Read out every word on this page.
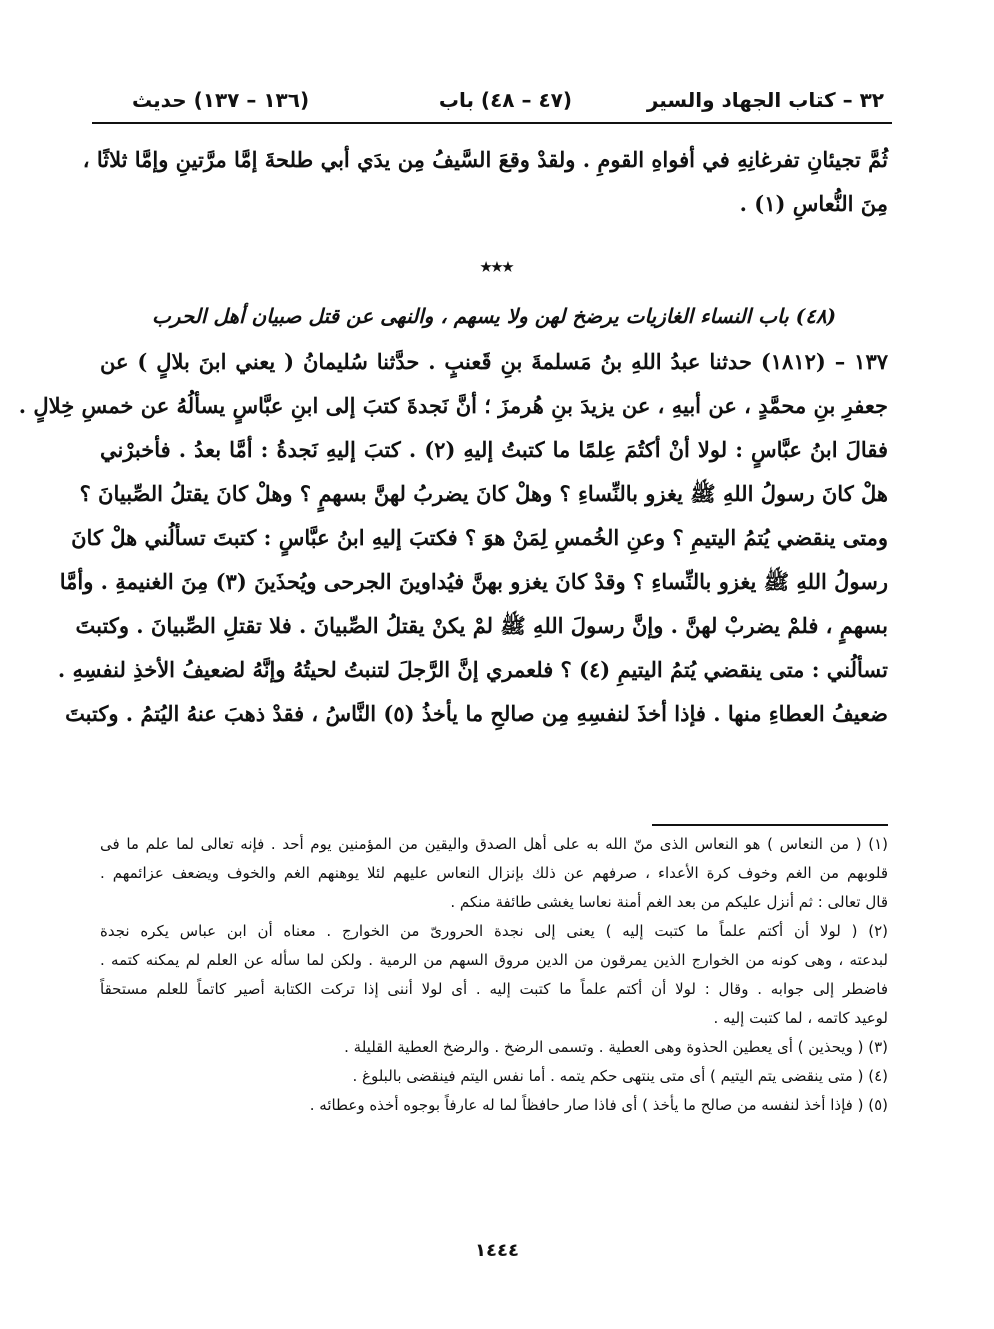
٣٢ – كتاب الجهاد والسير
(٤٧ – ٤٨) باب
(١٣٦ – ١٣٧) حديث
ثُمَّ تجيئانِ تفرغانِهِ في أفواهِ القومِ . ولقدْ وقعَ السَّيفُ مِن يدَي أبي طلحةَ إمَّا مرَّتينِ وإمَّا ثلاثًا ،
مِنَ النُّعاسِ (١) .
٭٭٭
(٤٨) باب النساء الغازيات يرضخ لهن ولا يسهم ، والنهى عن قتل صبيان أهل الحرب
١٣٧ – (١٨١٢) حدثنا عبدُ اللهِ بنُ مَسلمةَ بنِ قَعنبٍ . حدَّثنا سُليمانُ ( يعني ابنَ بلالٍ ) عن
جعفرِ بنِ محمَّدٍ ، عن أبيهِ ، عن يزيدَ بنِ هُرمزَ ؛ أنَّ نَجدةَ كتبَ إلى ابنِ عبَّاسٍ يسألُهُ عن خمسِ خِلالٍ .
فقالَ ابنُ عبَّاسٍ : لولا أنْ أكتُمَ عِلمًا ما كتبتُ إليهِ (٢) . كتبَ إليهِ نَجدةُ : أمَّا بعدُ . فأخبرْني
هلْ كانَ رسولُ اللهِ ﷺ يغزو بالنِّساءِ ؟ وهلْ كانَ يضربُ لهنَّ بسهمٍ ؟ وهلْ كانَ يقتلُ الصِّبيانَ ؟
ومتى ينقضي يُتمُ اليتيمِ ؟ وعنِ الخُمسِ لِمَنْ هوَ ؟ فكتبَ إليهِ ابنُ عبَّاسٍ : كتبتَ تسألُني هلْ كانَ
رسولُ اللهِ ﷺ يغزو بالنِّساءِ ؟ وقدْ كانَ يغزو بهنَّ فيُداوينَ الجرحى ويُحذَينَ (٣) مِنَ الغنيمةِ . وأمَّا
بسهمٍ ، فلمْ يضربْ لهنَّ . وإنَّ رسولَ اللهِ ﷺ لمْ يكنْ يقتلُ الصِّبيانَ . فلا تقتلِ الصِّبيانَ . وكتبتَ
تسألُني : متى ينقضي يُتمُ اليتيمِ (٤) ؟ فلعمري إنَّ الرَّجلَ لتنبتُ لحيتُهُ وإنَّهُ لضعيفُ الأخذِ لنفسِهِ .
ضعيفُ العطاءِ منها . فإذا أخذَ لنفسِهِ مِن صالحِ ما يأخذُ (٥) النَّاسُ ، فقدْ ذهبَ عنهُ اليُتمُ . وكتبتَ
(١) ( من النعاس ) هو النعاس الذى منّ الله به على أهل الصدق واليقين من المؤمنين يوم أحد . فإنه تعالى لما علم ما فى
قلوبهم من الغم وخوف كرة الأعداء ، صرفهم عن ذلك بإنزال النعاس عليهم لئلا يوهنهم الغم والخوف ويضعف عزائمهم .
قال تعالى : ثم أنزل عليكم من بعد الغم أمنة نعاسا يغشى طائفة منكم .
(٢) ( لولا أن أكتم علماً ما كتبت إليه ) يعنى إلى نجدة الحرورىّ من الخوارج . معناه أن ابن عباس يكره نجدة
لبدعته ، وهى كونه من الخوارج الذين يمرقون من الدين مروق السهم من الرمية . ولكن لما سأله عن العلم لم يمكنه كتمه .
فاضطر إلى جوابه . وقال : لولا أن أكتم علماً ما كتبت إليه . أى لولا أننى إذا تركت الكتابة أصير كاتماً للعلم مستحقاً
لوعيد كاتمه ، لما كتبت إليه .
(٣) ( ويحذين ) أى يعطين الحذوة وهى العطية . وتسمى الرضخ . والرضخ العطية القليلة .
(٤) ( متى ينقضى يتم اليتيم ) أى متى ينتهى حكم يتمه . أما نفس اليتم فينقضى بالبلوغ .
(٥) ( فإذا أخذ لنفسه من صالح ما يأخذ ) أى فاذا صار حافظاً لما له عارفاً بوجوه أخذه وعطائه .
١٤٤٤
